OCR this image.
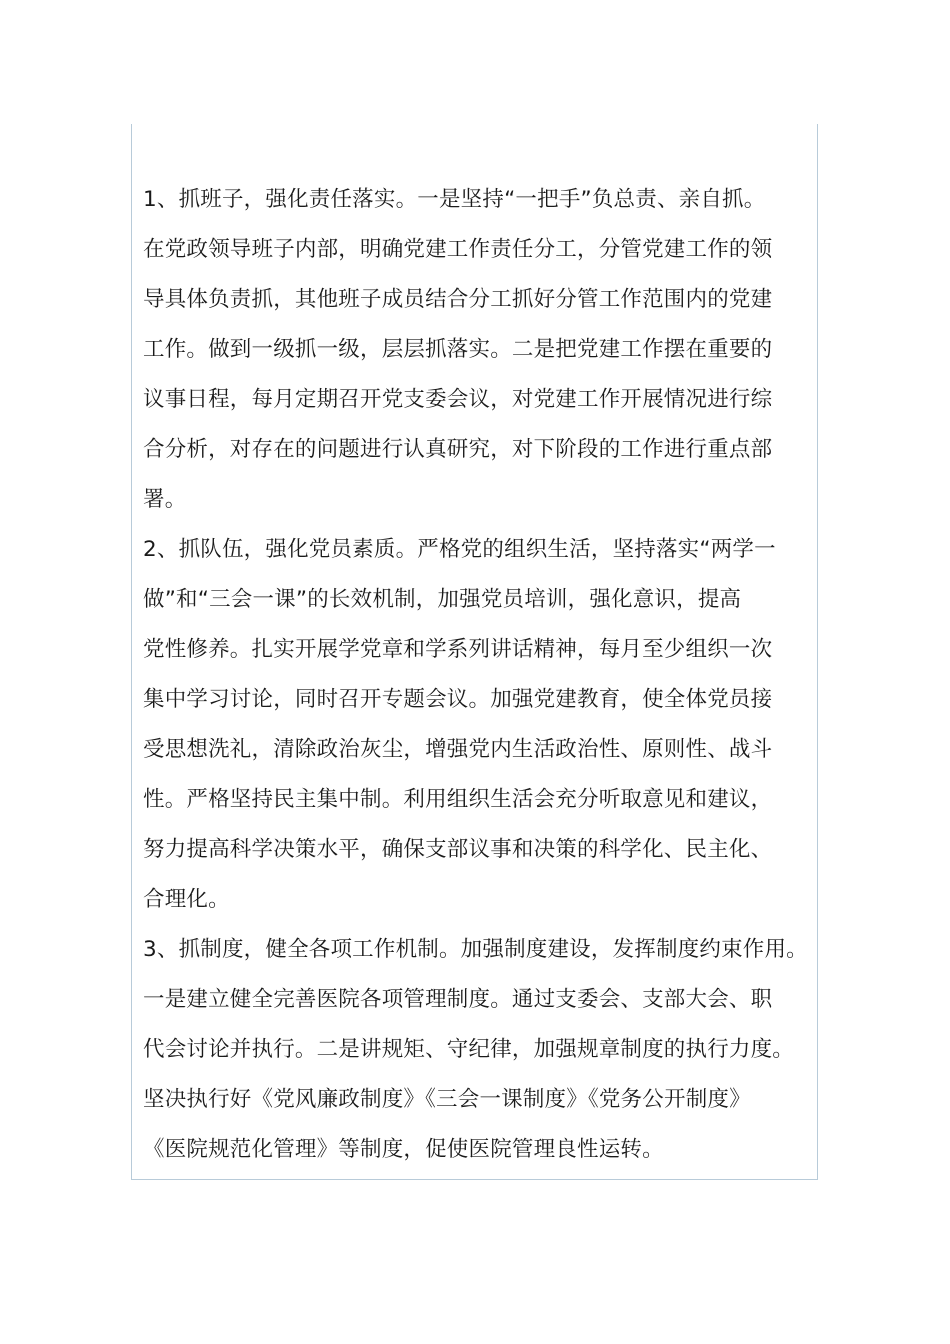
1、抓班子，强化责任落实。一是坚持“一把手”负总责、亲自抓。
在党政领导班子内部，明确党建工作责任分工，分管党建工作的领
导具体负责抓，其他班子成员结合分工抓好分管工作范围内的党建
工作。做到一级抓一级，层层抓落实。二是把党建工作摆在重要的
议事日程，每月定期召开党支委会议，对党建工作开展情况进行综
合分析，对存在的问题进行认真研究，对下阶段的工作进行重点部
署。

2、抓队伍，强化党员素质。严格党的组织生活，坚持落实“两学一
做”和“三会一课”的长效机制，加强党员培训，强化意识，提高
党性修养。扎实开展学党章和学系列讲话精神，每月至少组织一次
集中学习讨论，同时召开专题会议。加强党建教育，使全体党员接
受思想洗礼，清除政治灰尘，增强党内生活政治性、原则性、战斗
性。严格坚持民主集中制。利用组织生活会充分听取意见和建议，
努力提高科学决策水平，确保支部议事和决策的科学化、民主化、
合理化。

3、抓制度，健全各项工作机制。加强制度建设，发挥制度约束作用。
一是建立健全完善医院各项管理制度。通过支委会、支部大会、职
代会讨论并执行。二是讲规矩、守纪律，加强规章制度的执行力度。
坚决执行好《党风廉政制度》《三会一课制度》《党务公开制度》
《医院规范化管理》等制度，促使医院管理良性运转。
